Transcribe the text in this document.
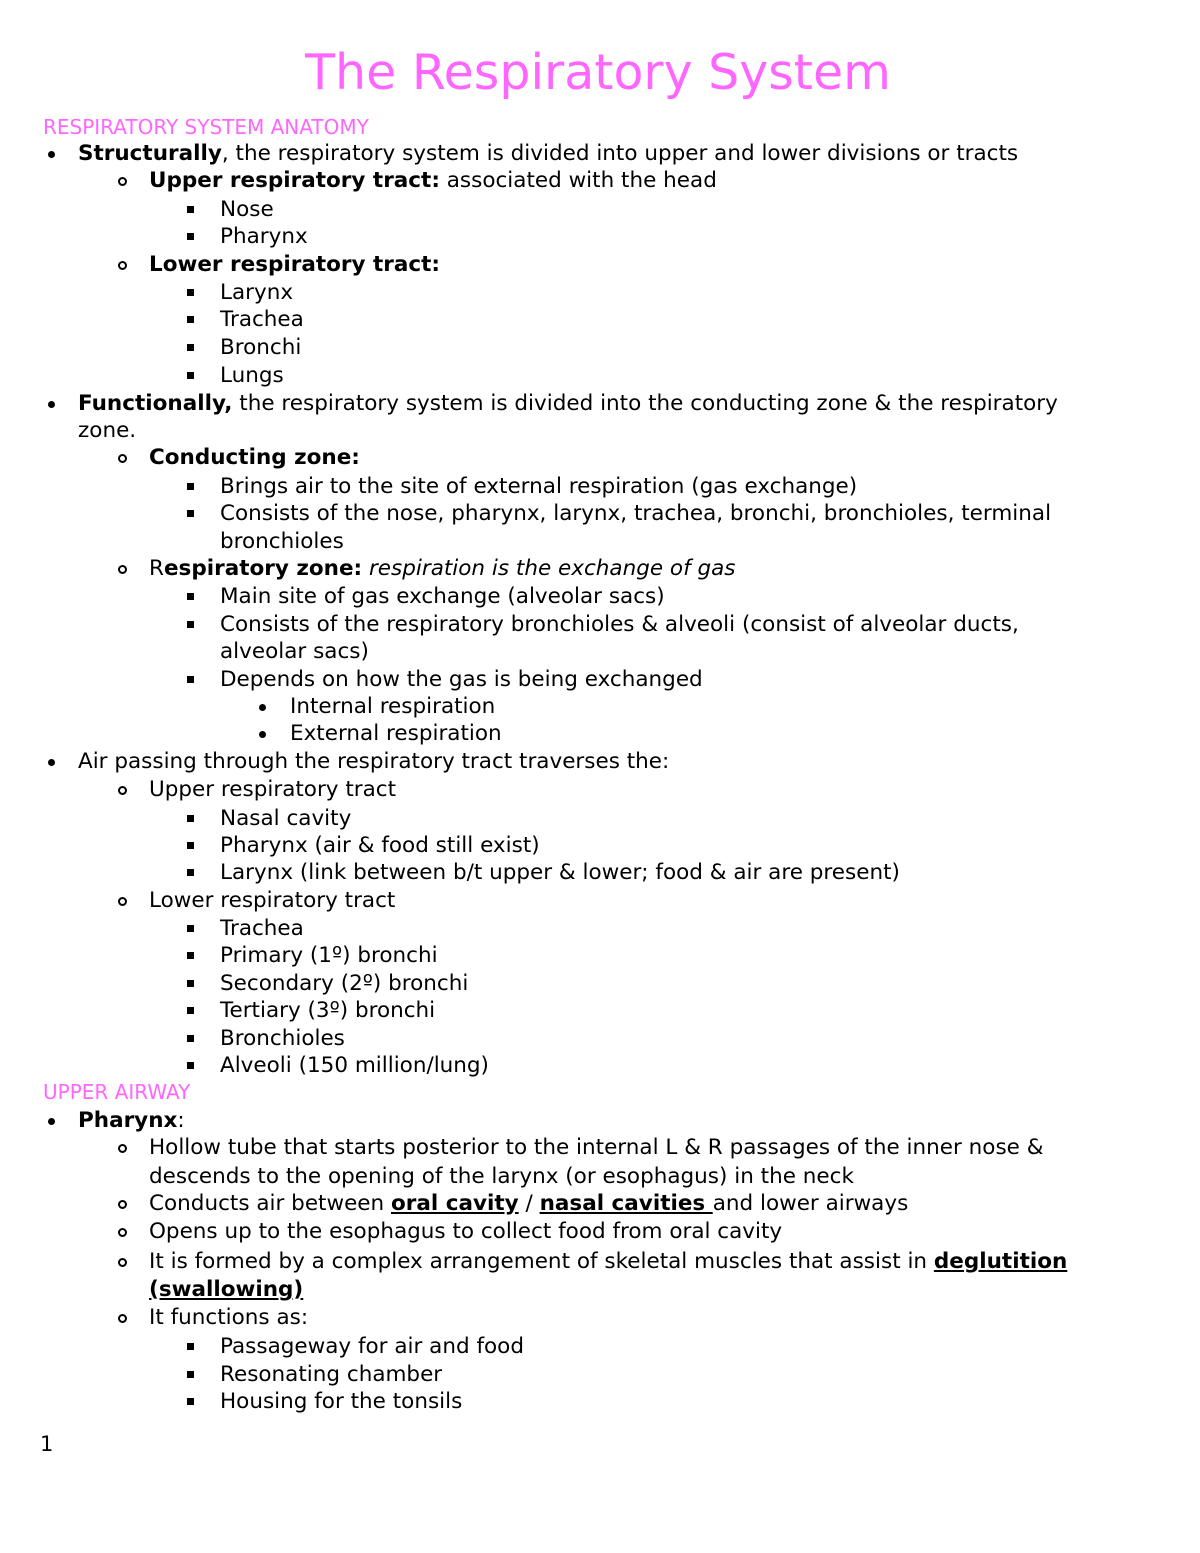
The Respiratory System
RESPIRATORY SYSTEM ANATOMY

Structurally, the respiratory system is divided into upper and lower divisions or tracts

Upper respiratory tract: associated with the head

Nose

Pharynx

Lower respiratory tract:

Larynx

Trachea

Bronchi

Lungs

Functionally, the respiratory system is divided into the conducting zone & the respiratory

zone.

Conducting zone:

Brings air to the site of external respiration (gas exchange)

Consists of the nose, pharynx, larynx, trachea, bronchi, bronchioles, terminal

bronchioles

Respiratory zone: respiration is the exchange of gas

Main site of gas exchange (alveolar sacs)

Consists of the respiratory bronchioles & alveoli (consist of alveolar ducts,

alveolar sacs)

Depends on how the gas is being exchanged

Internal respiration

External respiration

Air passing through the respiratory tract traverses the:

Upper respiratory tract

Nasal cavity

Pharynx (air & food still exist)

Larynx (link between b/t upper & lower; food & air are present)

Lower respiratory tract

Trachea

Primary (1º) bronchi

Secondary (2º) bronchi

Tertiary (3º) bronchi

Bronchioles

Alveoli (150 million/lung)

UPPER AIRWAY

Pharynx:

Hollow tube that starts posterior to the internal L & R passages of the inner nose &

descends to the opening of the larynx (or esophagus) in the neck

Conducts air between oral cavity / nasal cavities and lower airways

Opens up to the esophagus to collect food from oral cavity

It is formed by a complex arrangement of skeletal muscles that assist in deglutition

(swallowing)

It functions as:

Passageway for air and food

Resonating chamber

Housing for the tonsils

1
